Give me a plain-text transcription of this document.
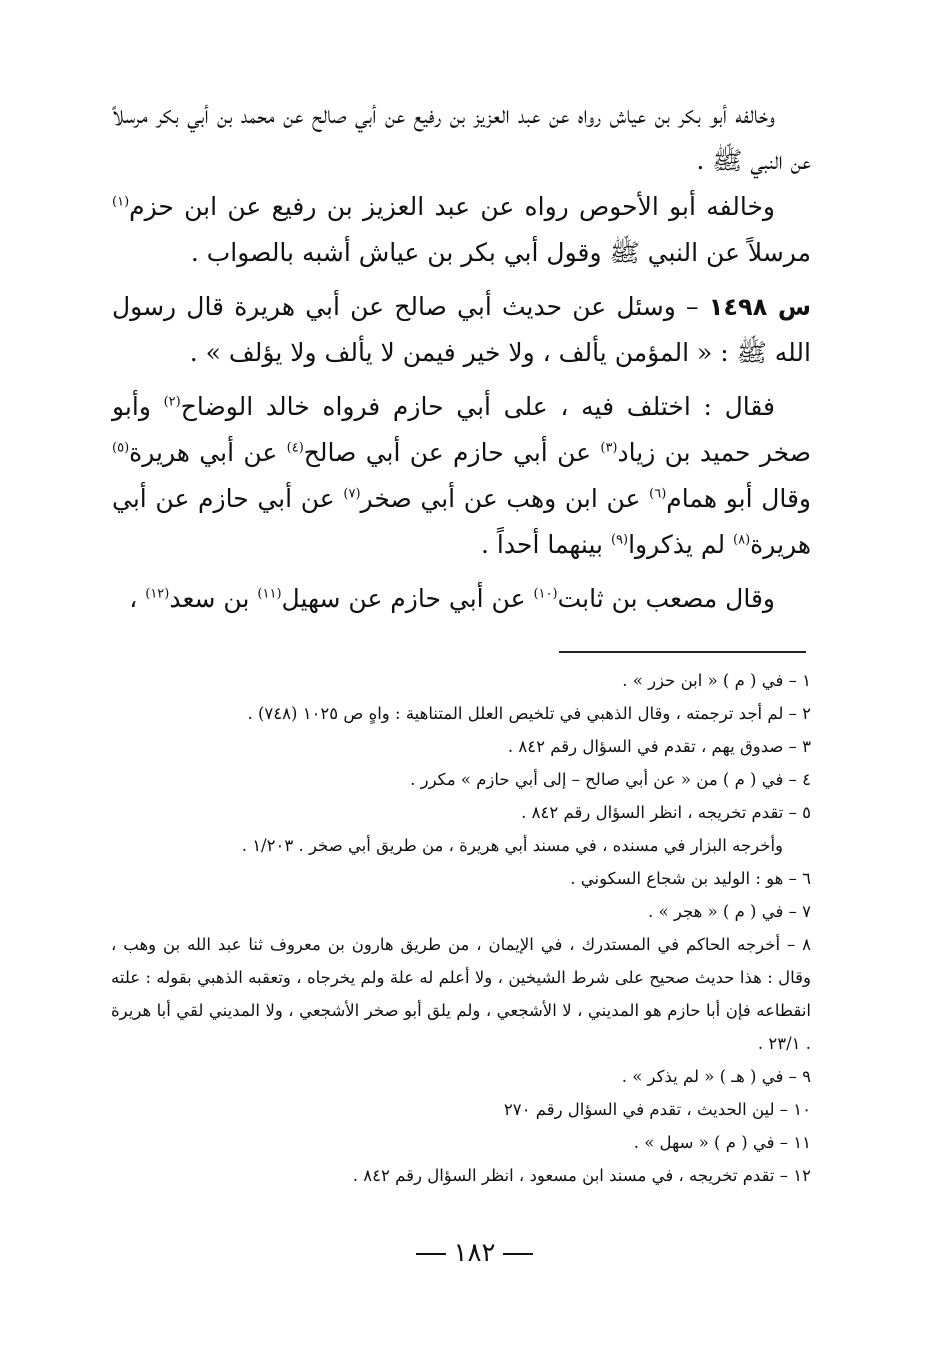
وخالفه أبو بكر بن عياش رواه عن عبد العزيز بن رفيع عن أبي صالح عن محمد بن أبي بكر مرسلاً عن النبي ﷺ .

وخالفه أبو الأحوص رواه عن عبد العزيز بن رفيع عن ابن حزم$^{(١)}$ مرسلاً عن النبي ﷺ وقول أبي بكر بن عياش أشبه بالصواب .

س ١٤٩٨ – وسئل عن حديث أبي صالح عن أبي هريرة قال رسول الله ﷺ : « المؤمن يألف ، ولا خير فيمن لا يألف ولا يؤلف » .

فقال : اختلف فيه ، على أبي حازم فرواه خالد الوضاح$^{(٢)}$ وأبو صخر حميد بن زياد$^{(٣)}$ عن أبي حازم عن أبي صالح$^{(٤)}$ عن أبي هريرة$^{(٥)}$ وقال أبو همام$^{(٦)}$ عن ابن وهب عن أبي صخر$^{(٧)}$ عن أبي حازم عن أبي هريرة$^{(٨)}$ لم يذكروا$^{(٩)}$ بينهما أحداً .

وقال مصعب بن ثابت$^{(١٠)}$ عن أبي حازم عن سهيل$^{(١١)}$ بن سعد$^{(١٢)}$ ،

١ – في ( م ) « ابن حزر » .

٢ – لم أجد ترجمته ، وقال الذهبي في تلخيص العلل المتناهية : واهٍ ص ١٠٢٥ (٧٤٨) .

٣ – صدوق يهم ، تقدم في السؤال رقم ٨٤٢ .

٤ – في ( م ) من « عن أبي صالح – إلى أبي حازم » مكرر .

٥ – تقدم تخريجه ، انظر السؤال رقم ٨٤٢ .

وأخرجه البزار في مسنده ، في مسند أبي هريرة ، من طريق أبي صخر . ١/٢٠٣ .

٦ – هو : الوليد بن شجاع السكوني .

٧ – في ( م ) « هجر » .

٨ – أخرجه الحاكم في المستدرك ، في الإيمان ، من طريق هارون بن معروف ثنا عبد الله بن وهب ، وقال : هذا حديث صحيح على شرط الشيخين ، ولا أعلم له علة ولم يخرجاه ، وتعقبه الذهبي بقوله : علته انقطاعه فإن أبا حازم هو المديني ، لا الأشجعي ، ولم يلق أبو صخر الأشجعي ، ولا المديني لقي أبا هريرة . ٢٣/١ .

٩ – في ( هـ ) « لم يذكر » .

١٠ – لين الحديث ، تقدم في السؤال رقم ٢٧٠

١١ – في ( م ) « سهل » .

١٢ – تقدم تخريجه ، في مسند ابن مسعود ، انظر السؤال رقم ٨٤٢ .

١٨٢
